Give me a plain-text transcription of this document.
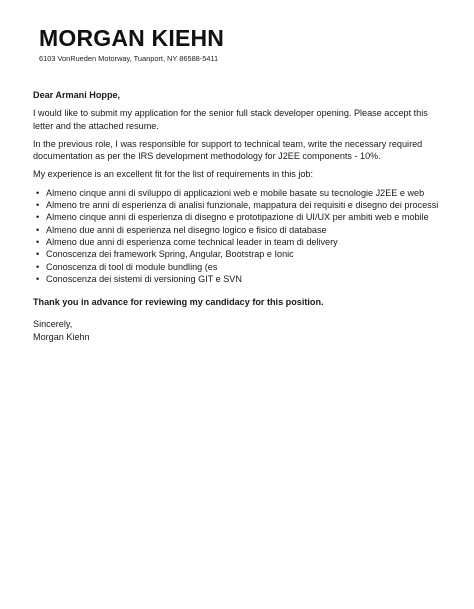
MORGAN KIEHN

6103 VonRueden Motorway, Tuanport, NY 86588-5411

Dear Armani Hoppe,

I would like to submit my application for the senior full stack developer opening. Please accept this letter and the attached resume.

In the previous role, I was responsible for support to technical team, write the necessary required documentation as per the IRS development methodology for J2EE components - 10%.

My experience is an excellent fit for the list of requirements in this job:

• Almeno cinque anni di sviluppo di applicazioni web e mobile basate su tecnologie J2EE e web
• Almeno tre anni di esperienza di analisi funzionale, mappatura dei requisiti e disegno dei processi
• Almeno cinque anni di esperienza di disegno e prototipazione di UI/UX per ambiti web e mobile
• Almeno due anni di esperienza nel disegno logico e fisico di database
• Almeno due anni di esperienza come technical leader in team di delivery
• Conoscenza dei framework Spring, Angular, Bootstrap e Ionic
• Conoscenza di tool di module bundling (es
• Conoscenza dei sistemi di versioning GIT e SVN

Thank you in advance for reviewing my candidacy for this position.

Sincerely,

Morgan Kiehn
